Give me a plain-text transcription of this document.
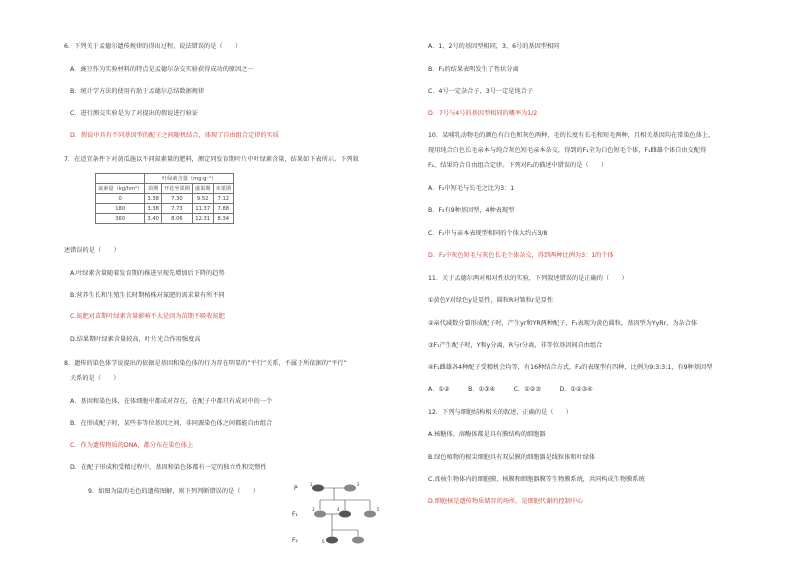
6．下列关于孟德尔遗传规律的得出过程，说法错误的是（　　）
A．豌豆作为实验材料的特点是孟德尔杂交实验获得成功的原因之一
B．统计学方法的使用有助于孟德尔总结数据规律
C．进行测交实验是为了对提出的假说进行验证
D．假说中具有不同基因型的配子之间随机结合，体现了自由组合定律的实质
7．在适宜条件下对黄瓜施以不同氮素量的肥料，测定同发育期叶片中叶绿素含量，结果如下表所示。下列叙
	叶绿素含量（mg·g⁻¹）			
氮素量（kg/hm²）	苗期	开花坐果期	盛果期	末果期
0	3.38	7.30	9.52	7.12
180	3.38	7.73	11.37	7.88
360	3.40	8.06	12.31	8.34
述错误的是（　　）
A.叶绿素含量随着发育期的推进呈现先增加后下降的趋势
B.营养生长和生殖生长时期植株对氮肥的需求量有所不同
C.氮肥对苗期叶绿素含量影响不大是因为苗期不吸收氮肥
D.结果期叶绿素含量较高，叶片光合作用强度高
8．遗传的染色体学说提出的依据是基因和染色体的行为存在明显的“平行”关系，不属于所依据的“平行”
关系的是（　　）
A．基因和染色体，在体细胞中都成对存在，在配子中都只有成对中的一个
B．在形成配子时，某些非等位基因之间、非同源染色体之间都能自由组合
C．作为遗传物质的DNA，都分布在染色体上
D．在配子形成和受精过程中，基因和染色体都有一定的独立性和完整性
9．如图为鼠的毛色的遗传图解，则下列判断错误的是（　　）	P
F₁
F₂
1	2
3	4	5
6
A．1、2号的基因型相同，3、6号的基因型相同
B．F₁的结果表明发生了性状分离
C．4号一定杂合子，3号一定是纯合子
D．7号与4号的基因型相同的概率为1/2
10．某哺乳动物毛的颜色有白色和灰色两种，毛的长度有长毛和短毛两种，且相关基因均在常染色体上，
现用纯合白色长毛亲本与纯合灰色短毛亲本杂交，得到的F₁全为白色短毛个体，F₁雌雄个体自由交配得
F₂，结果符合自由组合定律。下列对F₂的描述中错误的是（　　）
A．F₂中短毛与长毛之比为3：1
B．F₂有9种基因型，4种表现型
C．F₂中与亲本表现型相同的个体大约占3/8
D．F₂中灰色短毛与灰色长毛个体杂交，得到两种比例为3：1的个体
11．关于孟德尔两对相对性状的实验，下列叙述错误的是正确的（　　）
①黄色Y对绿色y是显性，圆粒R对皱粒r是显性
②亲代减数分裂形成配子时，产生yr和YR两种配子，F₁表现为黄色圆粒，基因型为YyRr，为杂合体
③F₁产生配子时，Y和y分离，R与r分离，非等位基因间自由组合
④F₁雌雄各4种配子受精机会均等，有16种结合方式，F₂的表现型有四种，比例为9:3:3:1，有9种基因型
A．①②　　　B．①③④　　　C．①②③　　　D．①②③④
12．下列与细胞结构相关的叙述，正确的是（　　）
A.核糖体、溶酶体都是具有膜结构的细胞器
B.绿色植物的根尖细胞具有双层膜的细胞器是线粒体和叶绿体
C.真核生物体内的细胞膜、核膜和细胞器膜等生物膜系统，共同构成生物膜系统
D.细胞核是遗传物质储存的场所，是细胞代谢的控制中心
